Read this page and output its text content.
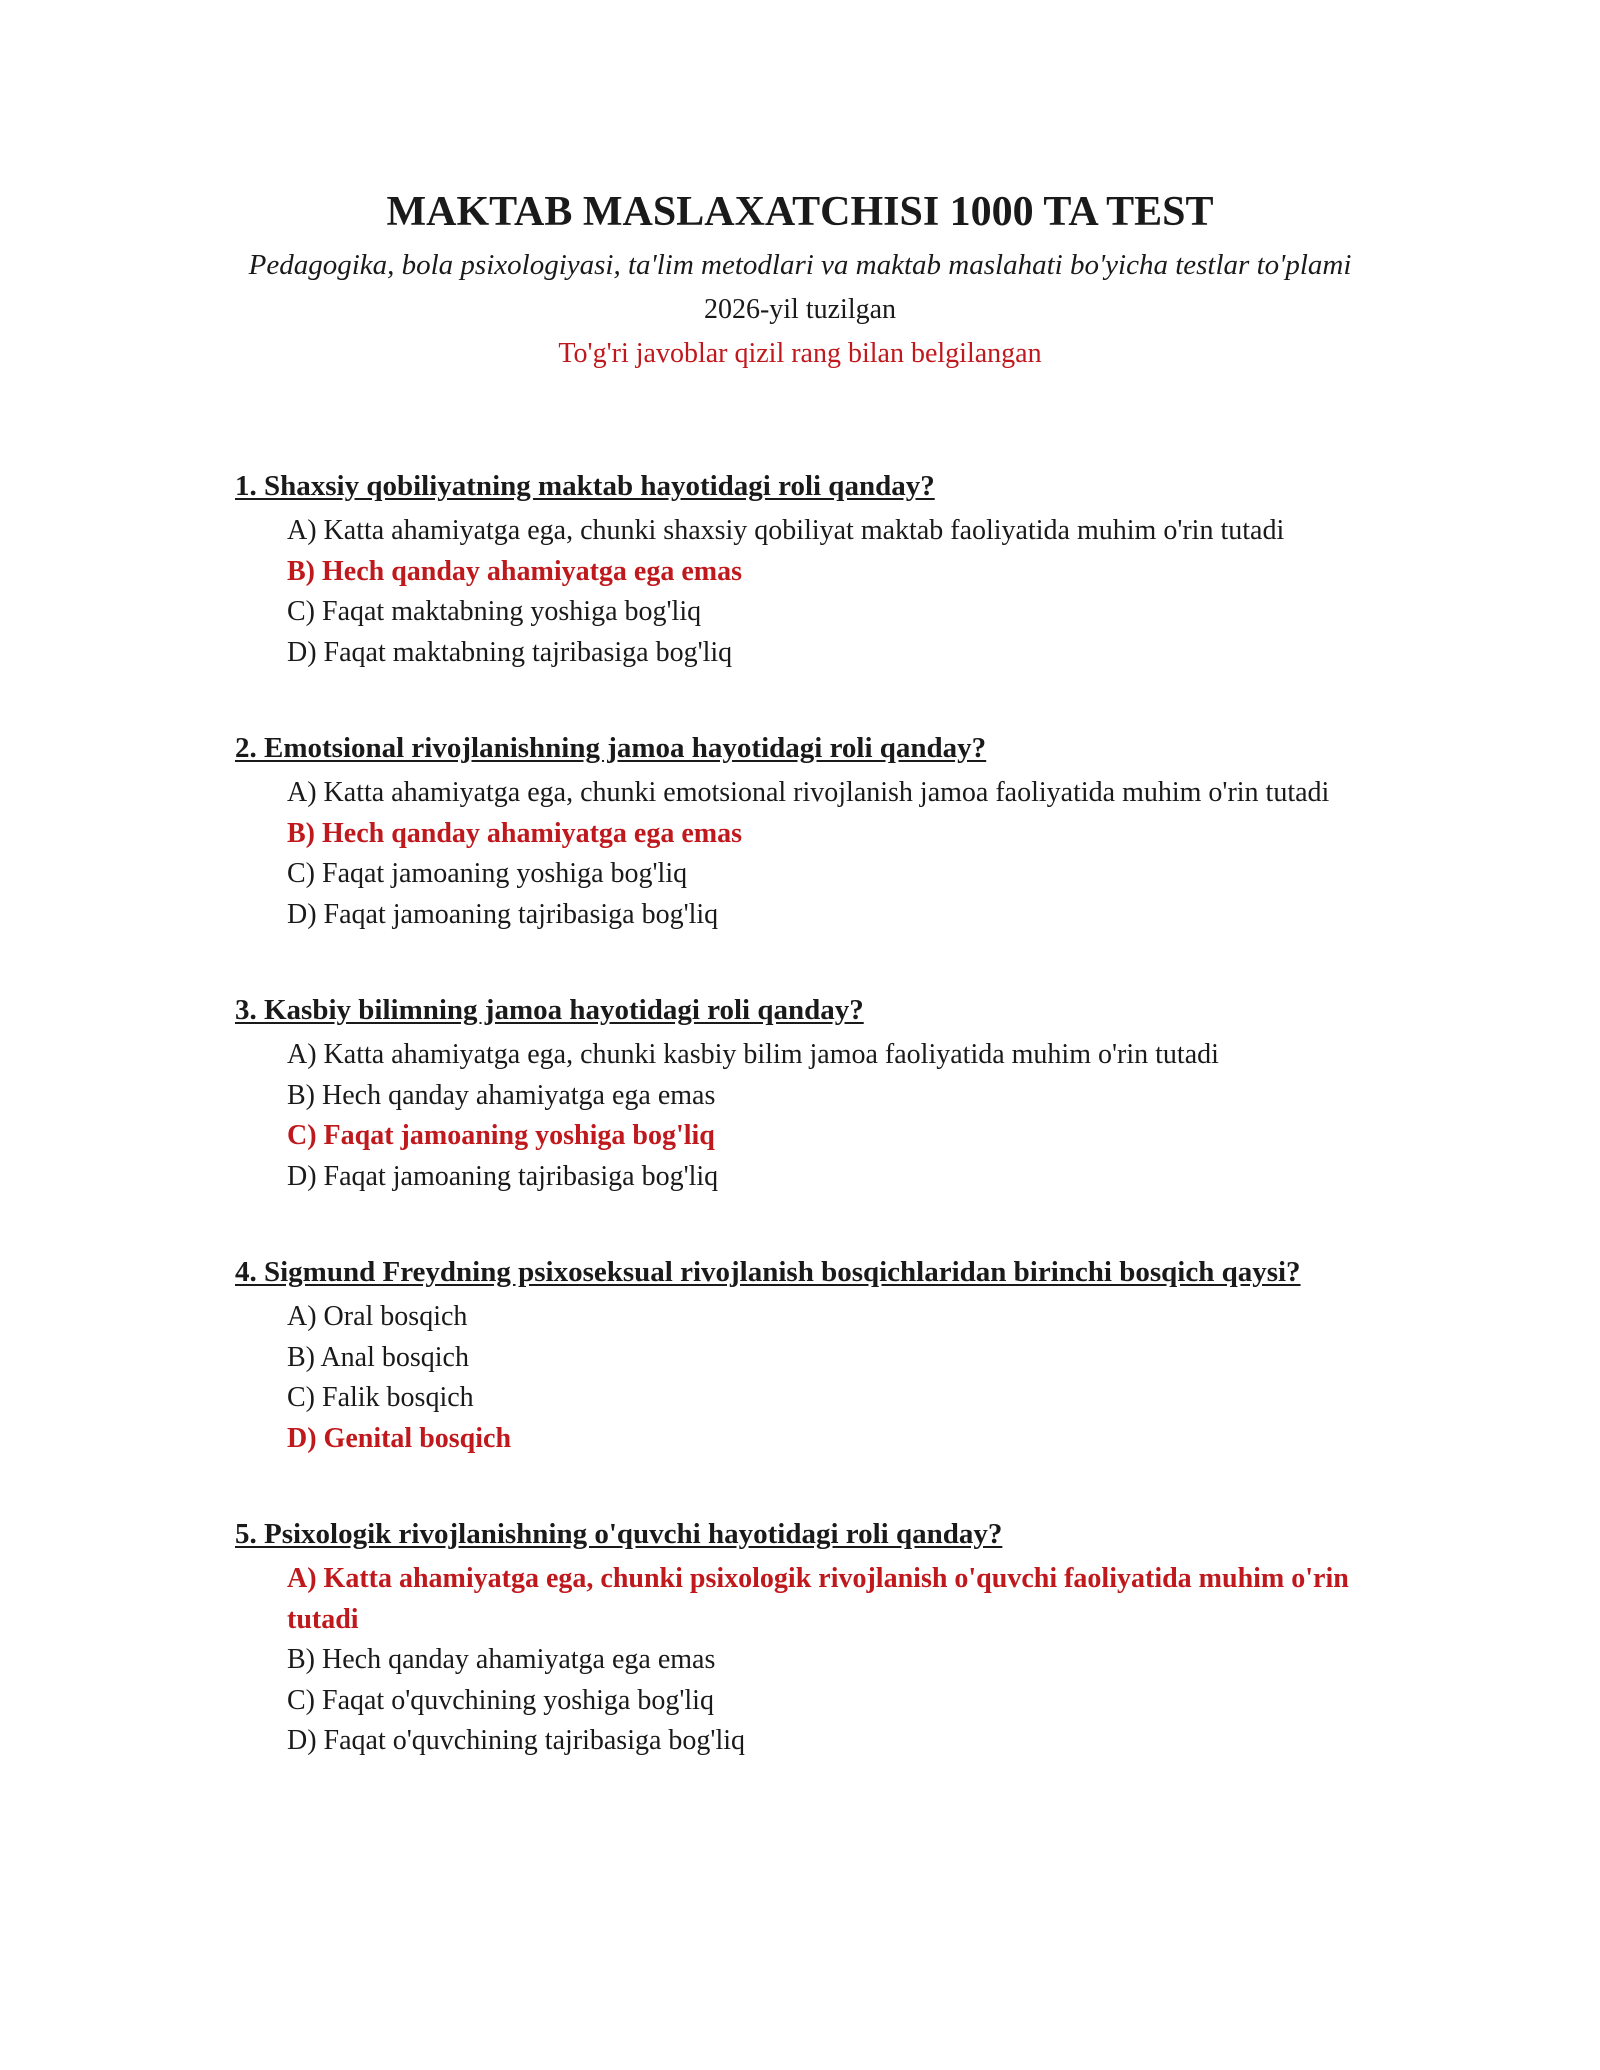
MAKTAB MASLAXATCHISI 1000 TA TEST
Pedagogika, bola psixologiyasi, ta'lim metodlari va maktab maslahati bo'yicha testlar to'plami
2026-yil tuzilgan
To'g'ri javoblar qizil rang bilan belgilangan
1. Shaxsiy qobiliyatning maktab hayotidagi roli qanday?
A) Katta ahamiyatga ega, chunki shaxsiy qobiliyat maktab faoliyatida muhim o'rin tutadi
B) Hech qanday ahamiyatga ega emas
C) Faqat maktabning yoshiga bog'liq
D) Faqat maktabning tajribasiga bog'liq
2. Emotsional rivojlanishning jamoa hayotidagi roli qanday?
A) Katta ahamiyatga ega, chunki emotsional rivojlanish jamoa faoliyatida muhim o'rin tutadi
B) Hech qanday ahamiyatga ega emas
C) Faqat jamoaning yoshiga bog'liq
D) Faqat jamoaning tajribasiga bog'liq
3. Kasbiy bilimning jamoa hayotidagi roli qanday?
A) Katta ahamiyatga ega, chunki kasbiy bilim jamoa faoliyatida muhim o'rin tutadi
B) Hech qanday ahamiyatga ega emas
C) Faqat jamoaning yoshiga bog'liq
D) Faqat jamoaning tajribasiga bog'liq
4. Sigmund Freydning psixoseksual rivojlanish bosqichlaridan birinchi bosqich qaysi?
A) Oral bosqich
B) Anal bosqich
C) Falik bosqich
D) Genital bosqich
5. Psixologik rivojlanishning o'quvchi hayotidagi roli qanday?
A) Katta ahamiyatga ega, chunki psixologik rivojlanish o'quvchi faoliyatida muhim o'rin tutadi
B) Hech qanday ahamiyatga ega emas
C) Faqat o'quvchining yoshiga bog'liq
D) Faqat o'quvchining tajribasiga bog'liq
